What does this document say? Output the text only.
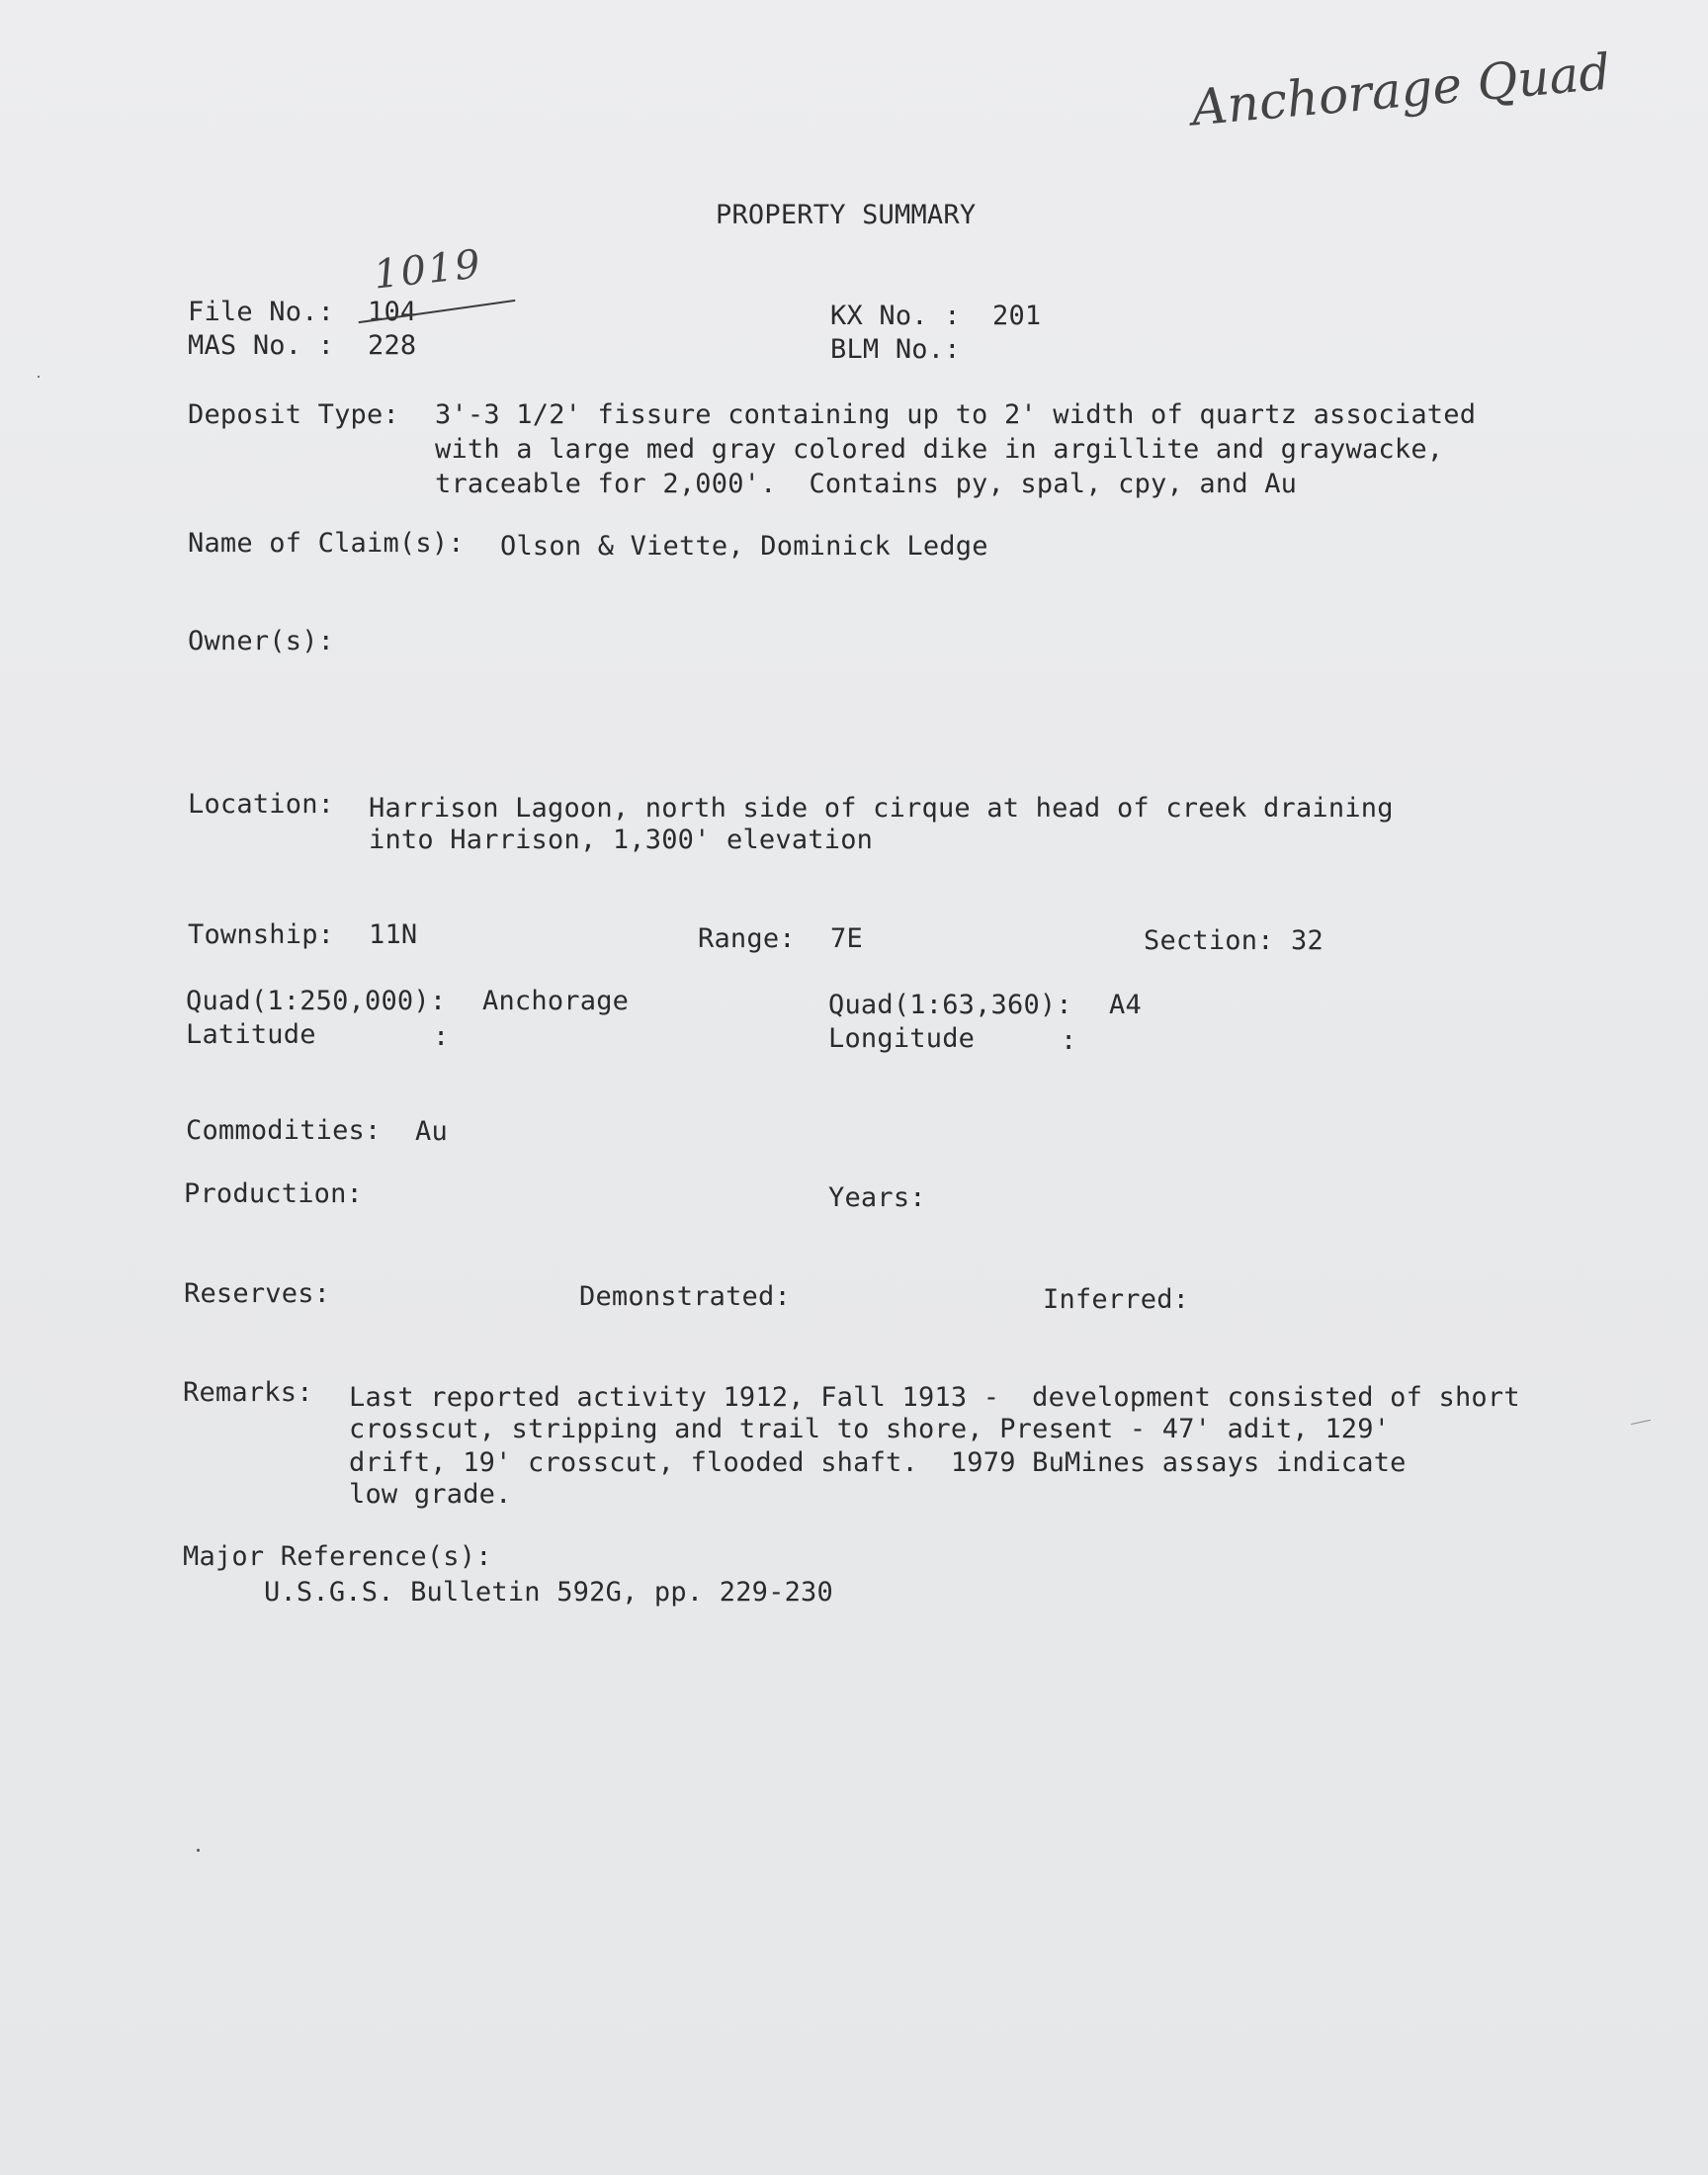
Anchorage Quad
1019
PROPERTY SUMMARY
File No.: 104
MAS No. : 228
KX No. : 201
BLM No.:
Deposit Type: 3'-3 1/2' fissure containing up to 2' width of quartz associated
with a large med gray colored dike in argillite and graywacke,
traceable for 2,000'.  Contains py, spal, cpy, and Au
Name of Claim(s): Olson & Viette, Dominick Ledge
Owner(s):
Location: Harrison Lagoon, north side of cirque at head of creek draining
into Harrison, 1,300' elevation
Township: 11N	Range: 7E	Section: 32
Quad(1:250,000): Anchorage
Latitude	:
Quad(1:63,360): A4
Longitude	:
Commodities: Au
Production:	Years:
Reserves:	Demonstrated:	Inferred:
Remarks: Last reported activity 1912, Fall 1913 -  development consisted of short
crosscut, stripping and trail to shore, Present - 47' adit, 129'
drift, 19' crosscut, flooded shaft.  1979 BuMines assays indicate
low grade.
Major Reference(s):
U.S.G.S. Bulletin 592G, pp. 229-230
